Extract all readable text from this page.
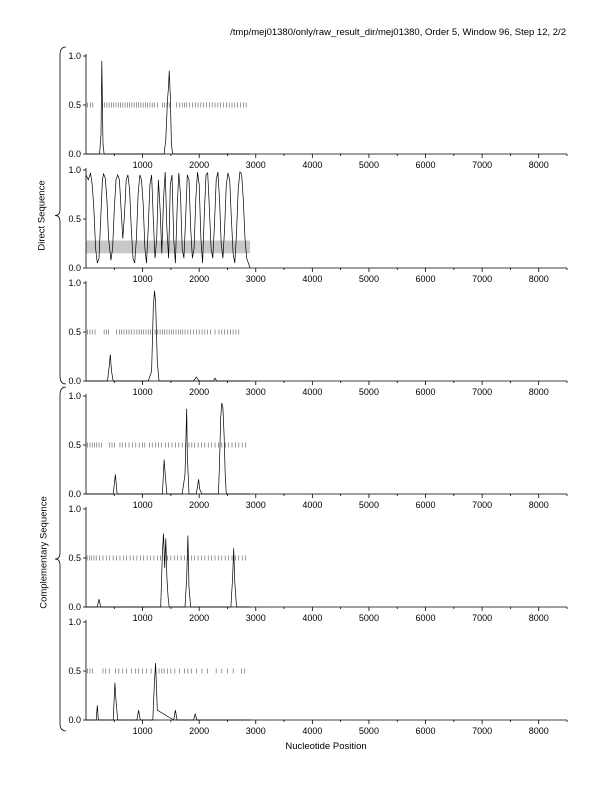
/tmp/mej01380/only/raw_result_dir/mej01380, Order 5, Window 96, Step 12, 2/2
0.0
0.5
1.0
1000	2000	3000	4000	5000	6000	7000	8000
0.0
0.5
1.0
1000	2000	3000	4000	5000	6000	7000	8000
0.0
0.5
1.0
1000	2000	3000	4000	5000	6000	7000	8000
0.0
0.5
1.0
1000	2000	3000	4000	5000	6000	7000	8000
0.0
0.5
1.0
1000	2000	3000	4000	5000	6000	7000	8000
0.0
0.5
1.0
1000	2000	3000	4000	5000	6000	7000	8000
Direct Sequence
Complementary Sequence
Nucleotide Position
